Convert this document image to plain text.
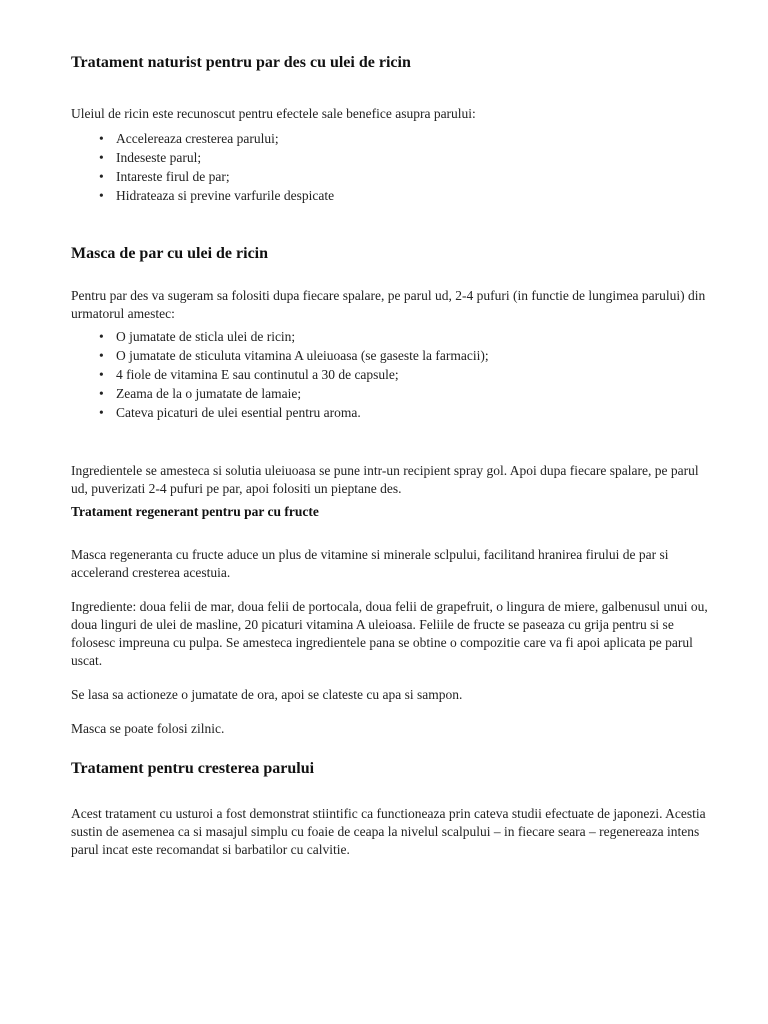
Tratament naturist pentru par des cu ulei de ricin

Uleiul de ricin este recunoscut pentru efectele sale benefice asupra parului:

• Accelereaza cresterea parului;
• Indeseste parul;
• Intareste firul de par;
• Hidrateaza si previne varfurile despicate
Masca de par cu ulei de ricin

Pentru par des va sugeram sa folositi dupa fiecare spalare, pe parul ud, 2-4 pufuri (in functie de lungimea parului) din urmatorul amestec:

• O jumatate de sticla ulei de ricin;
• O jumatate de sticuluta vitamina A uleiuoasa (se gaseste la farmacii);
• 4 fiole de vitamina E sau continutul a 30 de capsule;
• Zeama de la o jumatate de lamaie;
• Cateva picaturi de ulei esential pentru aroma.

Ingredientele se amesteca si solutia uleiuoasa se pune intr-un recipient spray gol. Apoi dupa fiecare spalare, pe parul ud, puverizati 2-4 pufuri pe par, apoi folositi un pieptane des.

Tratament regenerant pentru par cu fructe

Masca regeneranta cu fructe aduce un plus de vitamine si minerale sclpului, facilitand hranirea firului de par si accelerand cresterea acestuia.

Ingrediente: doua felii de mar, doua felii de portocala, doua felii de grapefruit, o lingura de miere, galbenusul unui ou, doua linguri de ulei de masline, 20 picaturi vitamina A uleioasa. Feliile de fructe se paseaza cu grija pentru si se folosesc impreuna cu pulpa. Se amesteca ingredientele pana se obtine o compozitie care va fi apoi aplicata pe parul uscat.

Se lasa sa actioneze o jumatate de ora, apoi se clateste cu apa si sampon.

Masca se poate folosi zilnic.

Tratament pentru cresterea parului

Acest tratament cu usturoi a fost demonstrat stiintific ca functioneaza prin cateva studii efectuate de japonezi. Acestia sustin de asemenea ca si masajul simplu cu foaie de ceapa la nivelul scalpului – in fiecare seara – regenereaza intens parul incat este recomandat si barbatilor cu calvitie.
